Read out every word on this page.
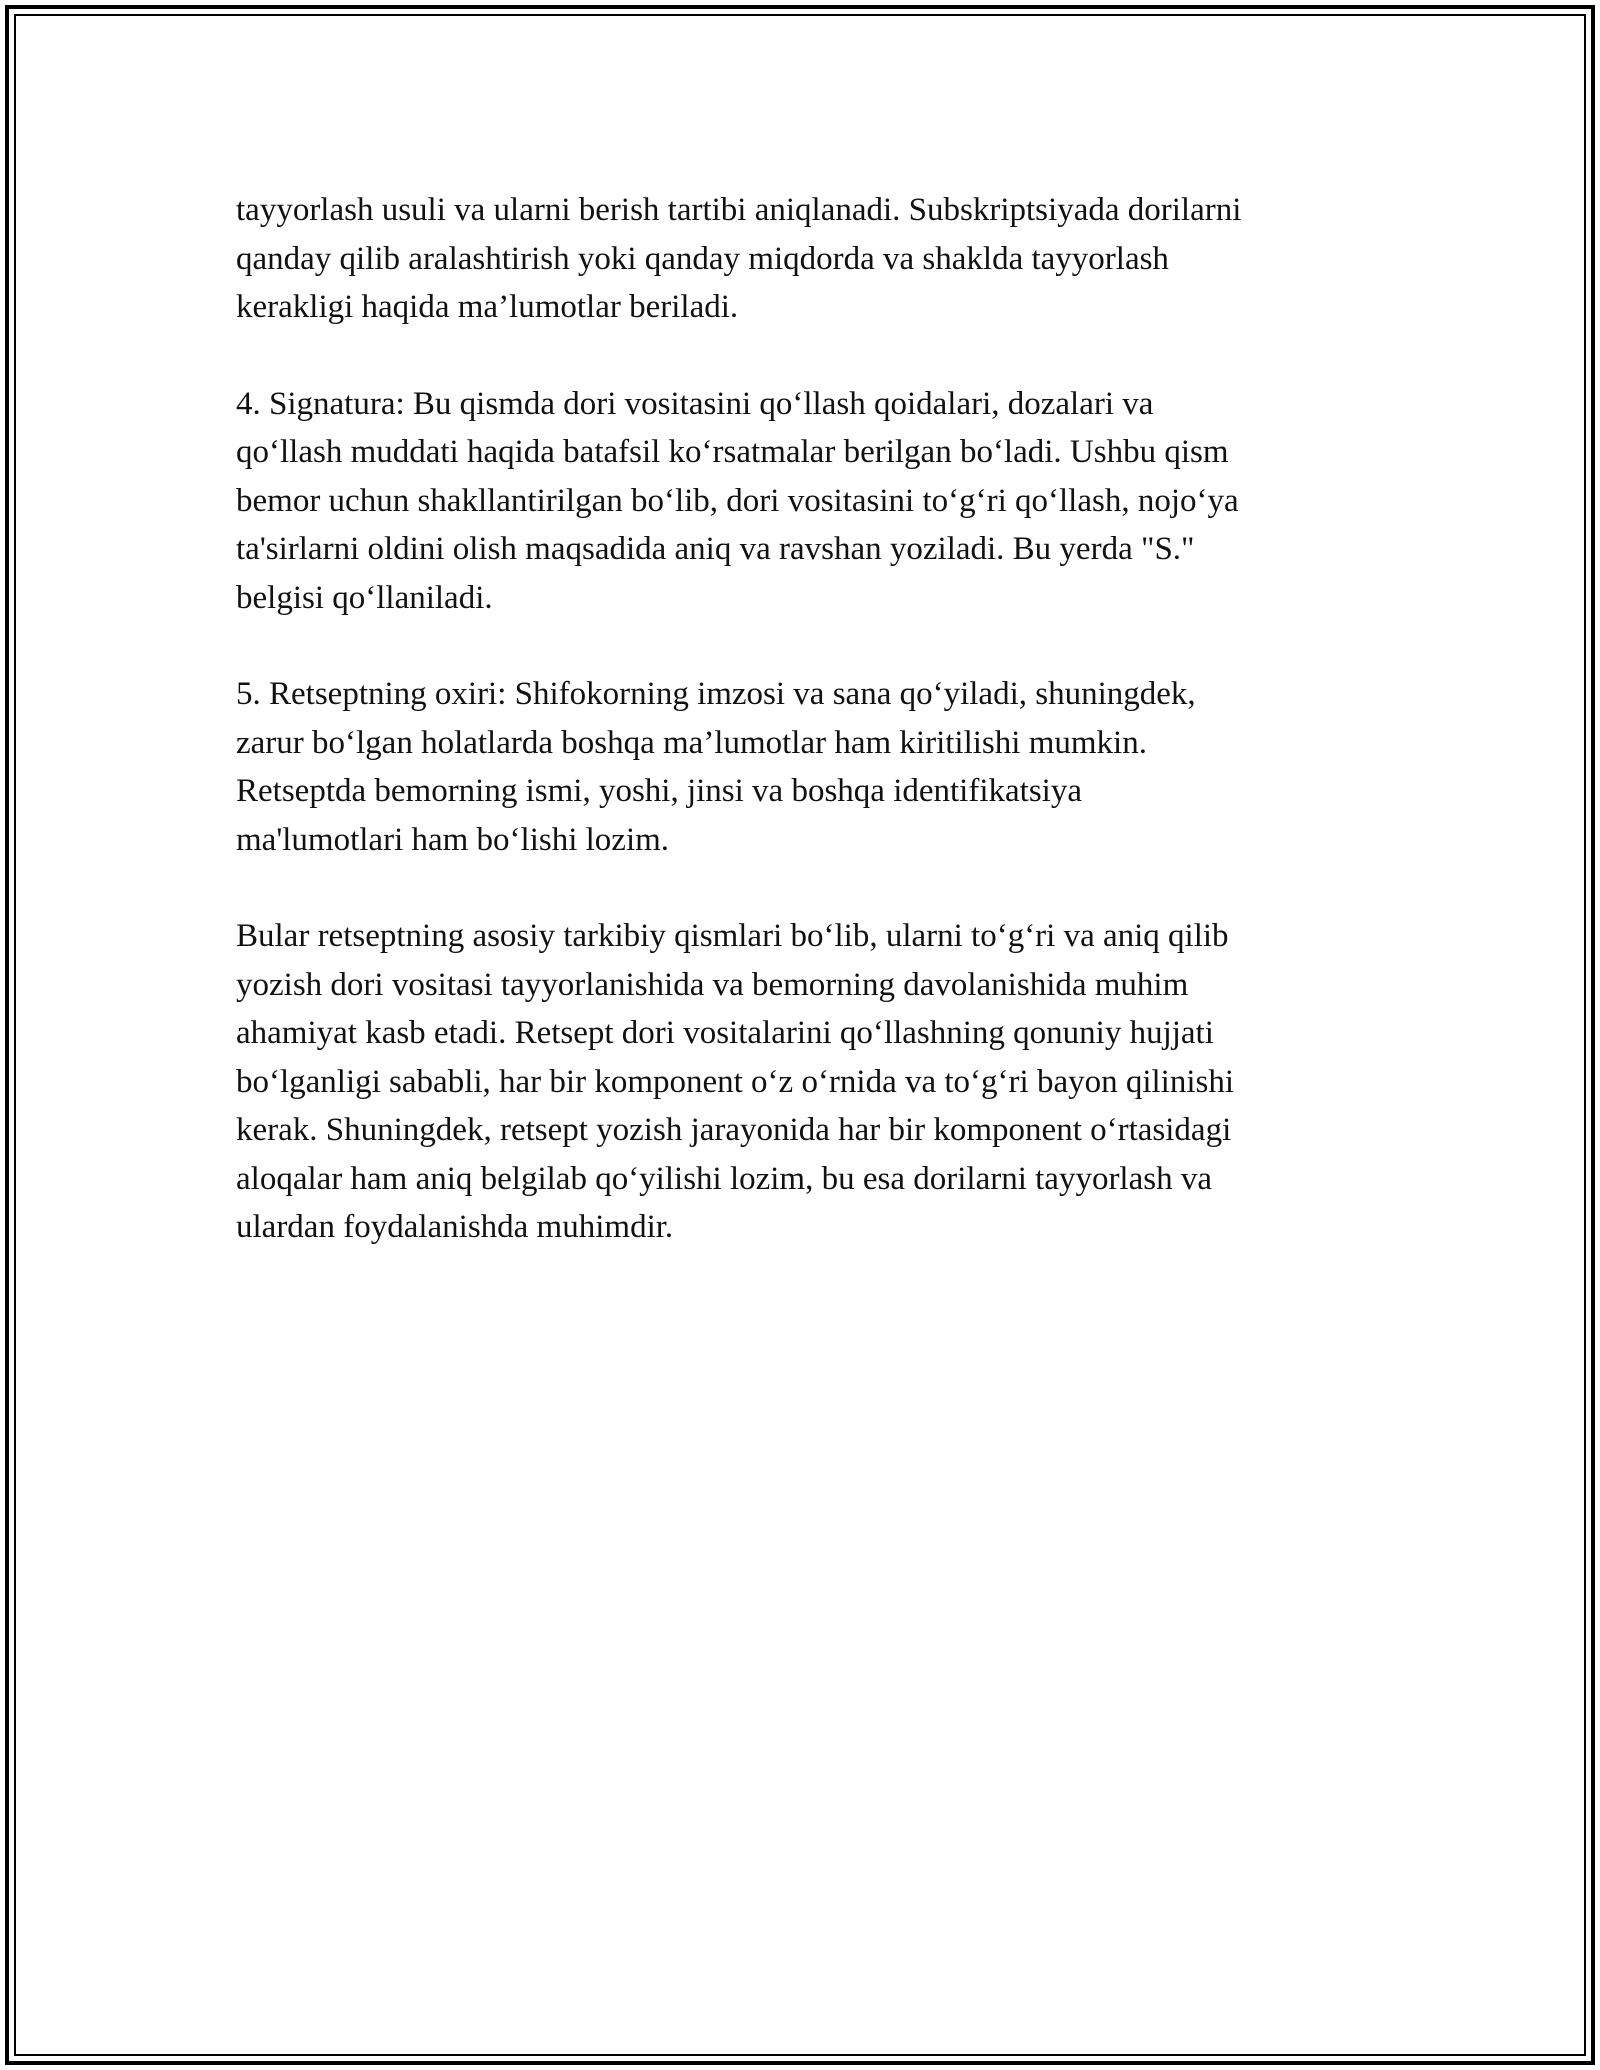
tayyorlash usuli va ularni berish tartibi aniqlanadi. Subskriptsiyada dorilarni
qanday qilib aralashtirish yoki qanday miqdorda va shaklda tayyorlash
kerakligi haqida ma’lumotlar beriladi.

4. Signatura: Bu qismda dori vositasini qo‘llash qoidalari, dozalari va
qo‘llash muddati haqida batafsil ko‘rsatmalar berilgan bo‘ladi. Ushbu qism
bemor uchun shakllantirilgan bo‘lib, dori vositasini to‘g‘ri qo‘llash, nojo‘ya
ta'sirlarni oldini olish maqsadida aniq va ravshan yoziladi. Bu yerda "S."
belgisi qo‘llaniladi.

5. Retseptning oxiri: Shifokorning imzosi va sana qo‘yiladi, shuningdek,
zarur bo‘lgan holatlarda boshqa ma’lumotlar ham kiritilishi mumkin.
Retseptda bemorning ismi, yoshi, jinsi va boshqa identifikatsiya
ma'lumotlari ham bo‘lishi lozim.

Bular retseptning asosiy tarkibiy qismlari bo‘lib, ularni to‘g‘ri va aniq qilib
yozish dori vositasi tayyorlanishida va bemorning davolanishida muhim
ahamiyat kasb etadi. Retsept dori vositalarini qo‘llashning qonuniy hujjati
bo‘lganligi sababli, har bir komponent o‘z o‘rnida va to‘g‘ri bayon qilinishi
kerak. Shuningdek, retsept yozish jarayonida har bir komponent o‘rtasidagi
aloqalar ham aniq belgilab qo‘yilishi lozim, bu esa dorilarni tayyorlash va
ulardan foydalanishda muhimdir.
